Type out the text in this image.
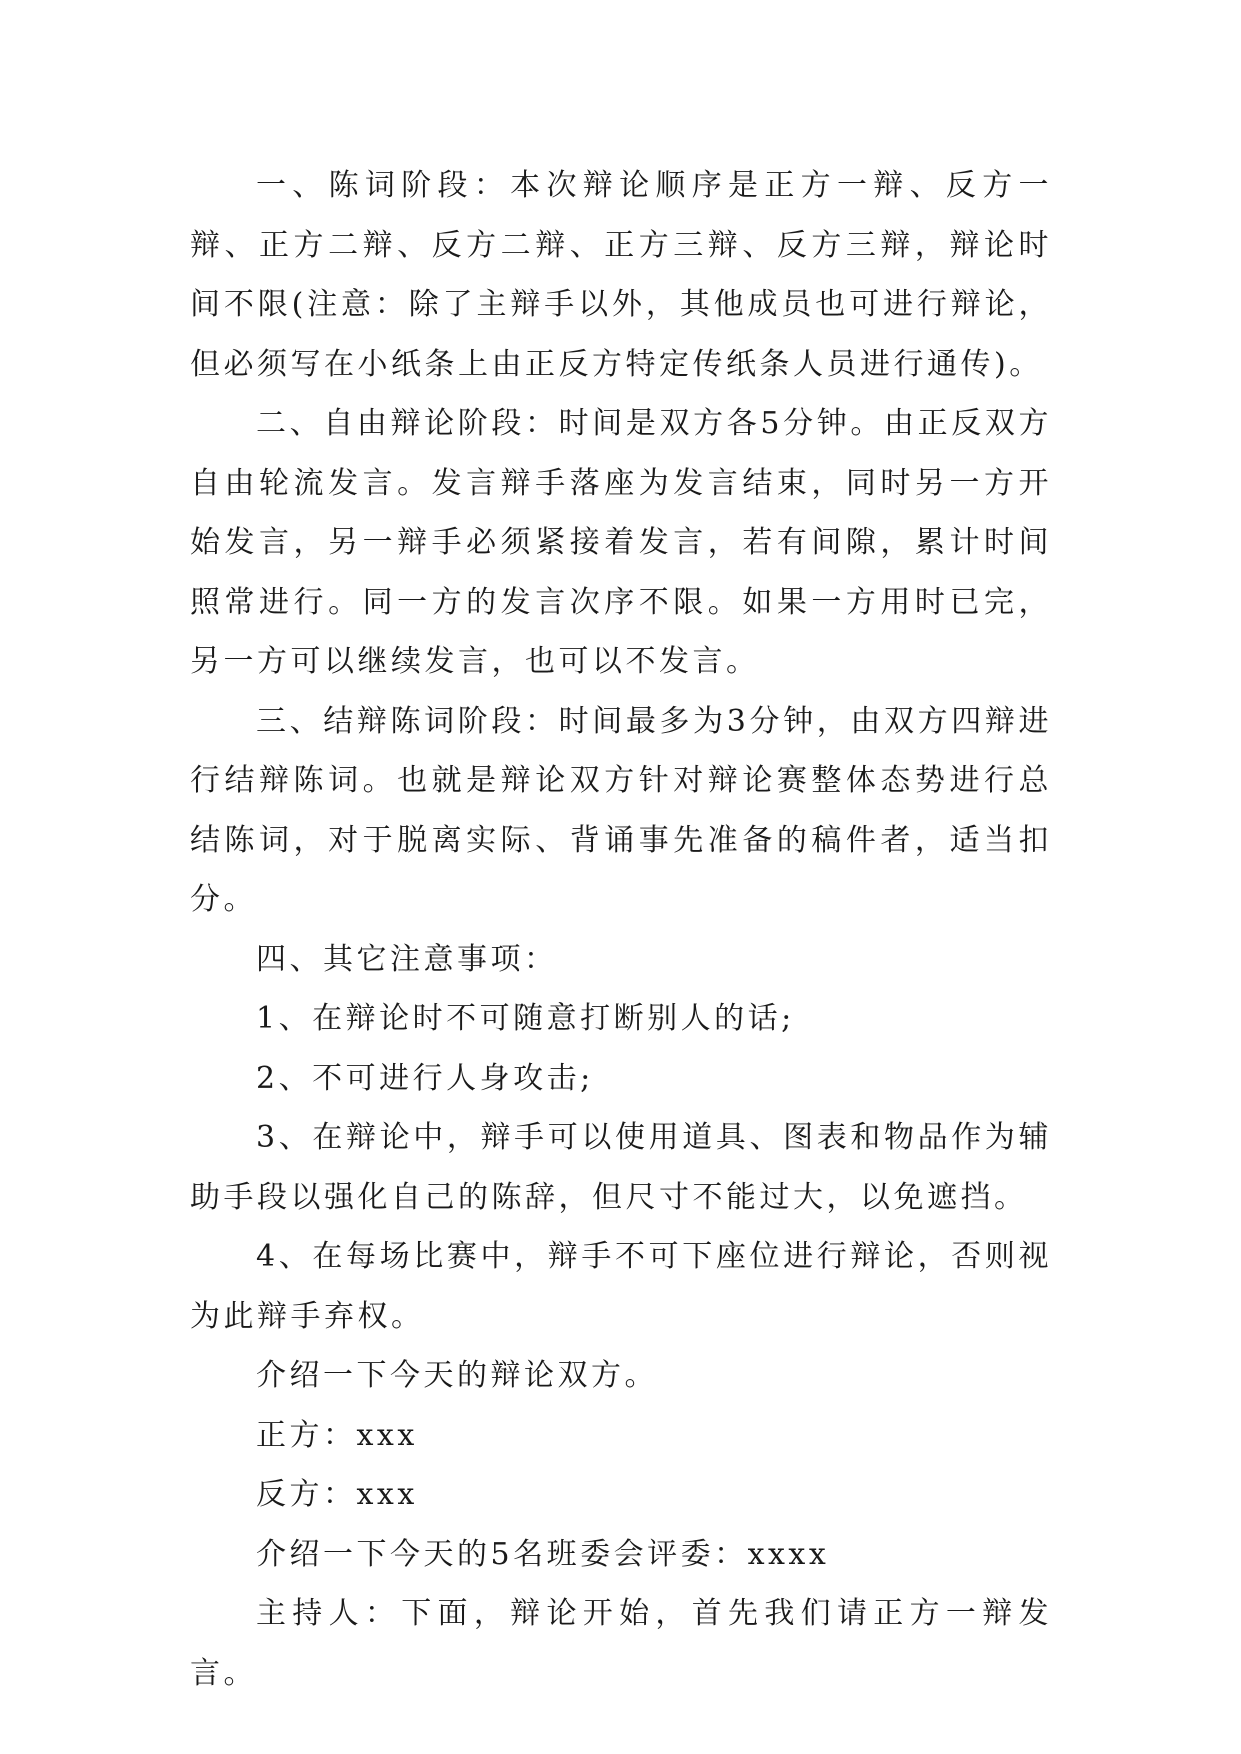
一、陈词阶段：本次辩论顺序是正方一辩、反方一辩、正方二辩、反方二辩、正方三辩、反方三辩，辩论时间不限(注意：除了主辩手以外，其他成员也可进行辩论，但必须写在小纸条上由正反方特定传纸条人员进行通传)。

二、自由辩论阶段：时间是双方各5分钟。由正反双方自由轮流发言。发言辩手落座为发言结束，同时另一方开始发言，另一辩手必须紧接着发言，若有间隙，累计时间照常进行。同一方的发言次序不限。如果一方用时已完，另一方可以继续发言，也可以不发言。

三、结辩陈词阶段：时间最多为3分钟，由双方四辩进行结辩陈词。也就是辩论双方针对辩论赛整体态势进行总结陈词，对于脱离实际、背诵事先准备的稿件者，适当扣分。

四、其它注意事项：

1、在辩论时不可随意打断别人的话;

2、不可进行人身攻击;

3、在辩论中，辩手可以使用道具、图表和物品作为辅助手段以强化自己的陈辞，但尺寸不能过大，以免遮挡。

4、在每场比赛中，辩手不可下座位进行辩论，否则视为此辩手弃权。

介绍一下今天的辩论双方。

正方：xxx

反方：xxx

介绍一下今天的5名班委会评委：xxxx

主持人：下面，辩论开始，首先我们请正方一辩发言。
